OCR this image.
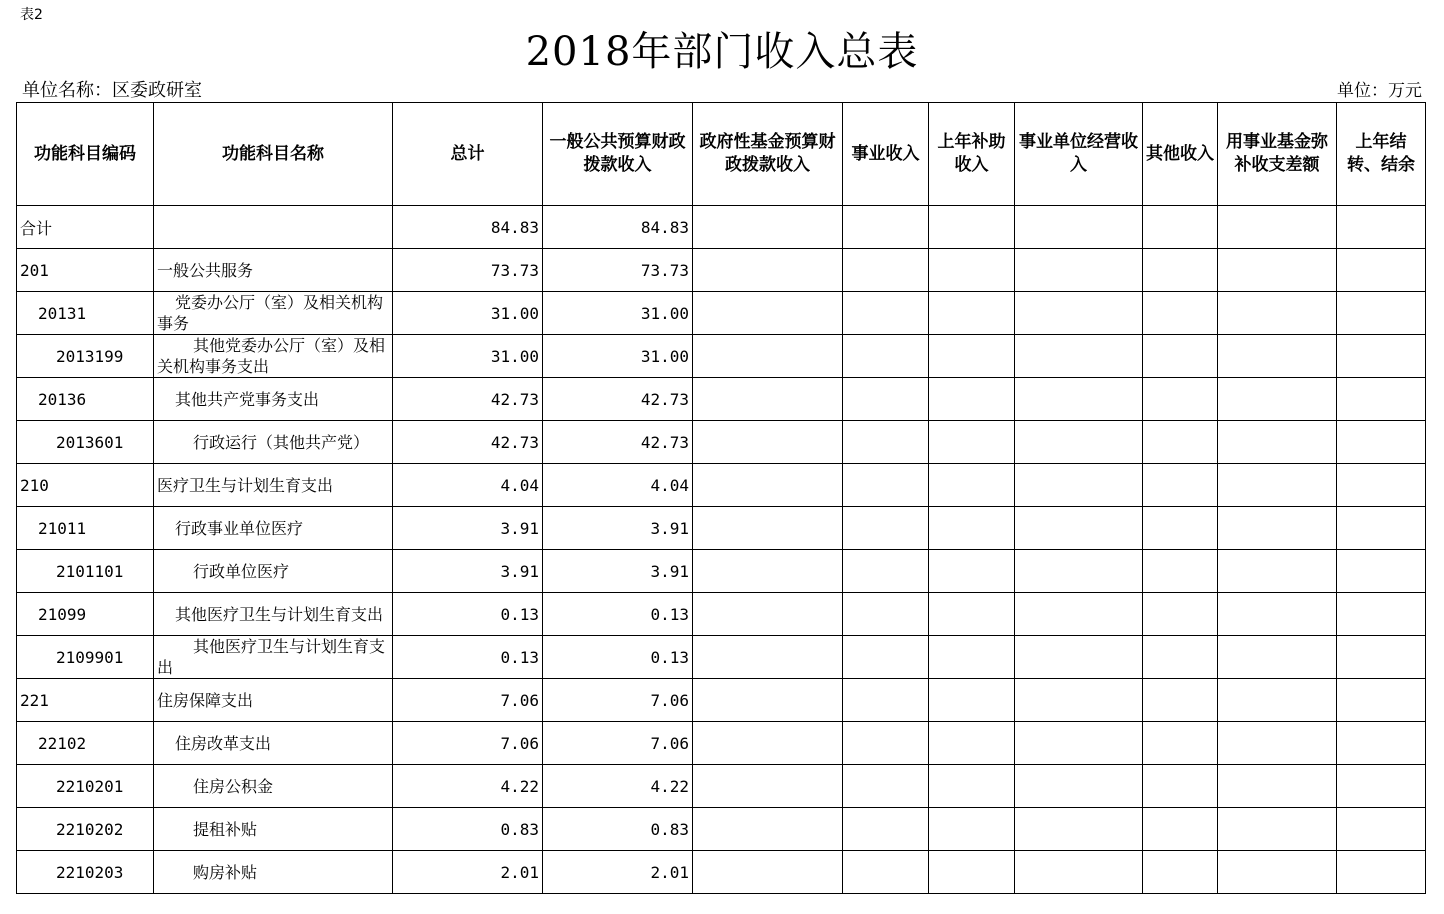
表2
2018年部门收入总表
单位名称：区委政研室	单位：万元
功能科目编码	功能科目名称	总计	一般公共预算财政拨款收入	政府性基金预算财政拨款收入	事业收入	上年补助收入	事业单位经营收入	其他收入	用事业基金弥补收支差额	上年结转、结余
合计		84.83	84.83							
201	一般公共服务	73.73	73.73							
20131	党委办公厅（室）及相关机构事务	31.00	31.00							
2013199	其他党委办公厅（室）及相关机构事务支出	31.00	31.00							
20136	其他共产党事务支出	42.73	42.73							
2013601	行政运行（其他共产党）	42.73	42.73							
210	医疗卫生与计划生育支出	4.04	4.04							
21011	行政事业单位医疗	3.91	3.91							
2101101	行政单位医疗	3.91	3.91							
21099	其他医疗卫生与计划生育支出	0.13	0.13							
2109901	其他医疗卫生与计划生育支出	0.13	0.13							
221	住房保障支出	7.06	7.06							
22102	住房改革支出	7.06	7.06							
2210201	住房公积金	4.22	4.22							
2210202	提租补贴	0.83	0.83							
2210203	购房补贴	2.01	2.01							
